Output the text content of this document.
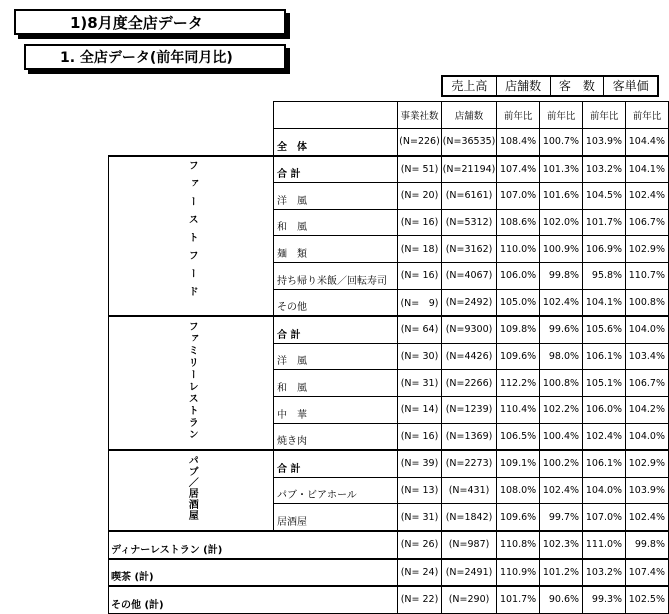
1)8月度全店データ
1. 全店データ(前年同月比)
売上高	店舗数	客　数	客単価
		事業社数	店舗数	前年比	前年比	前年比	前年比
	全　体	(N=226)	(N=36535)	108.4%	100.7%	103.9%	104.4%
ファーストフード	合 計	(N= 51)	(N=21194)	107.4%	101.3%	103.2%	104.1%
	洋　風	(N= 20)	(N=6161)	107.0%	101.6%	104.5%	102.4%
	和　風	(N= 16)	(N=5312)	108.6%	102.0%	101.7%	106.7%
	麺　類	(N= 18)	(N=3162)	110.0%	100.9%	106.9%	102.9%
	持ち帰り米飯／回転寿司	(N= 16)	(N=4067)	106.0%	99.8%	95.8%	110.7%
	その他	(N=　9)	(N=2492)	105.0%	102.4%	104.1%	100.8%
ファミリーレストラン	合 計	(N= 64)	(N=9300)	109.8%	99.6%	105.6%	104.0%
	洋　風	(N= 30)	(N=4426)	109.6%	98.0%	106.1%	103.4%
	和　風	(N= 31)	(N=2266)	112.2%	100.8%	105.1%	106.7%
	中　華	(N= 14)	(N=1239)	110.4%	102.2%	106.0%	104.2%
	焼き肉	(N= 16)	(N=1369)	106.5%	100.4%	102.4%	104.0%
パブ／居酒屋	合 計	(N= 39)	(N=2273)	109.1%	100.2%	106.1%	102.9%
	パブ・ビアホール	(N= 13)	(N=431)	108.0%	102.4%	104.0%	103.9%
	居酒屋	(N= 31)	(N=1842)	109.6%	99.7%	107.0%	102.4%
ディナーレストラン (計)		(N= 26)	(N=987)	110.8%	102.3%	111.0%	99.8%
喫茶 (計)		(N= 24)	(N=2491)	110.9%	101.2%	103.2%	107.4%
その他 (計)		(N= 22)	(N=290)	101.7%	90.6%	99.3%	102.5%
